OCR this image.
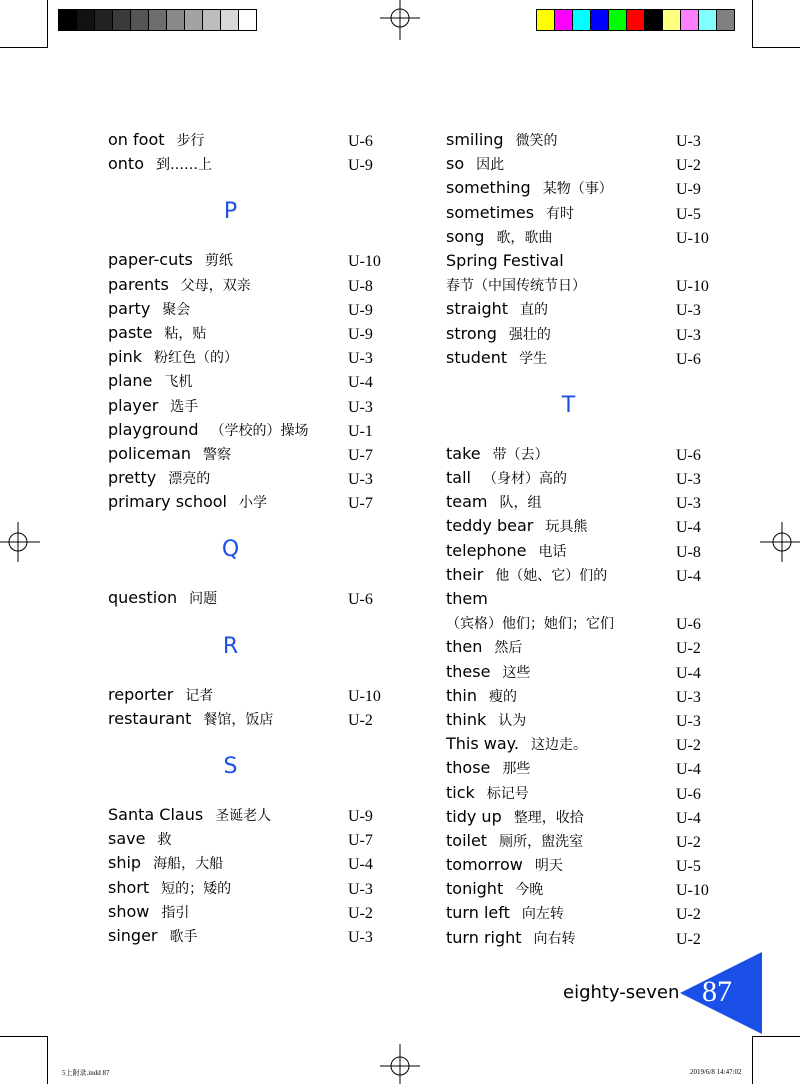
on foot 步行	U-6
onto 到……上	U-9
P
paper-cuts 剪纸	U-10
parents 父母，双亲	U-8
party 聚会	U-9
paste 粘，贴	U-9
pink 粉红色（的）	U-3
plane 飞机	U-4
player 选手	U-3
playground （学校的）操场 U-1
policeman 警察	U-7
pretty 漂亮的	U-3
primary school 小学	U-7
Q
question 问题	U-6
R
reporter 记者	U-10
restaurant 餐馆，饭店	U-2
S
Santa Claus 圣诞老人	U-9
save 救	U-7
ship 海船，大船	U-4
short 短的；矮的	U-3
show 指引	U-2
singer 歌手	U-3
smiling 微笑的	U-3
so 因此	U-2
something 某物（事）	U-9
sometimes 有时	U-5
song 歌，歌曲	U-10
Spring Festival
春节（中国传统节日）	U-10
straight 直的	U-3
strong 强壮的	U-3
student 学生	U-6
T
take 带（去）	U-6
tall （身材）高的	U-3
team 队，组	U-3
teddy bear 玩具熊	U-4
telephone 电话	U-8
their 他（她、它）们的	U-4
them
（宾格）他们；她们；它们	U-6
then 然后	U-2
these 这些	U-4
thin 瘦的	U-3
think 认为	U-3
This way. 这边走。	U-2
those 那些	U-4
tick 标记号	U-6
tidy up 整理，收拾	U-4
toilet 厕所，盥洗室	U-2
tomorrow 明天	U-5
tonight 今晚	U-10
turn left 向左转	U-2
turn right 向右转	U-2
eighty-seven 87
5上附录.indd 87	2019/6/8 14:47:02
